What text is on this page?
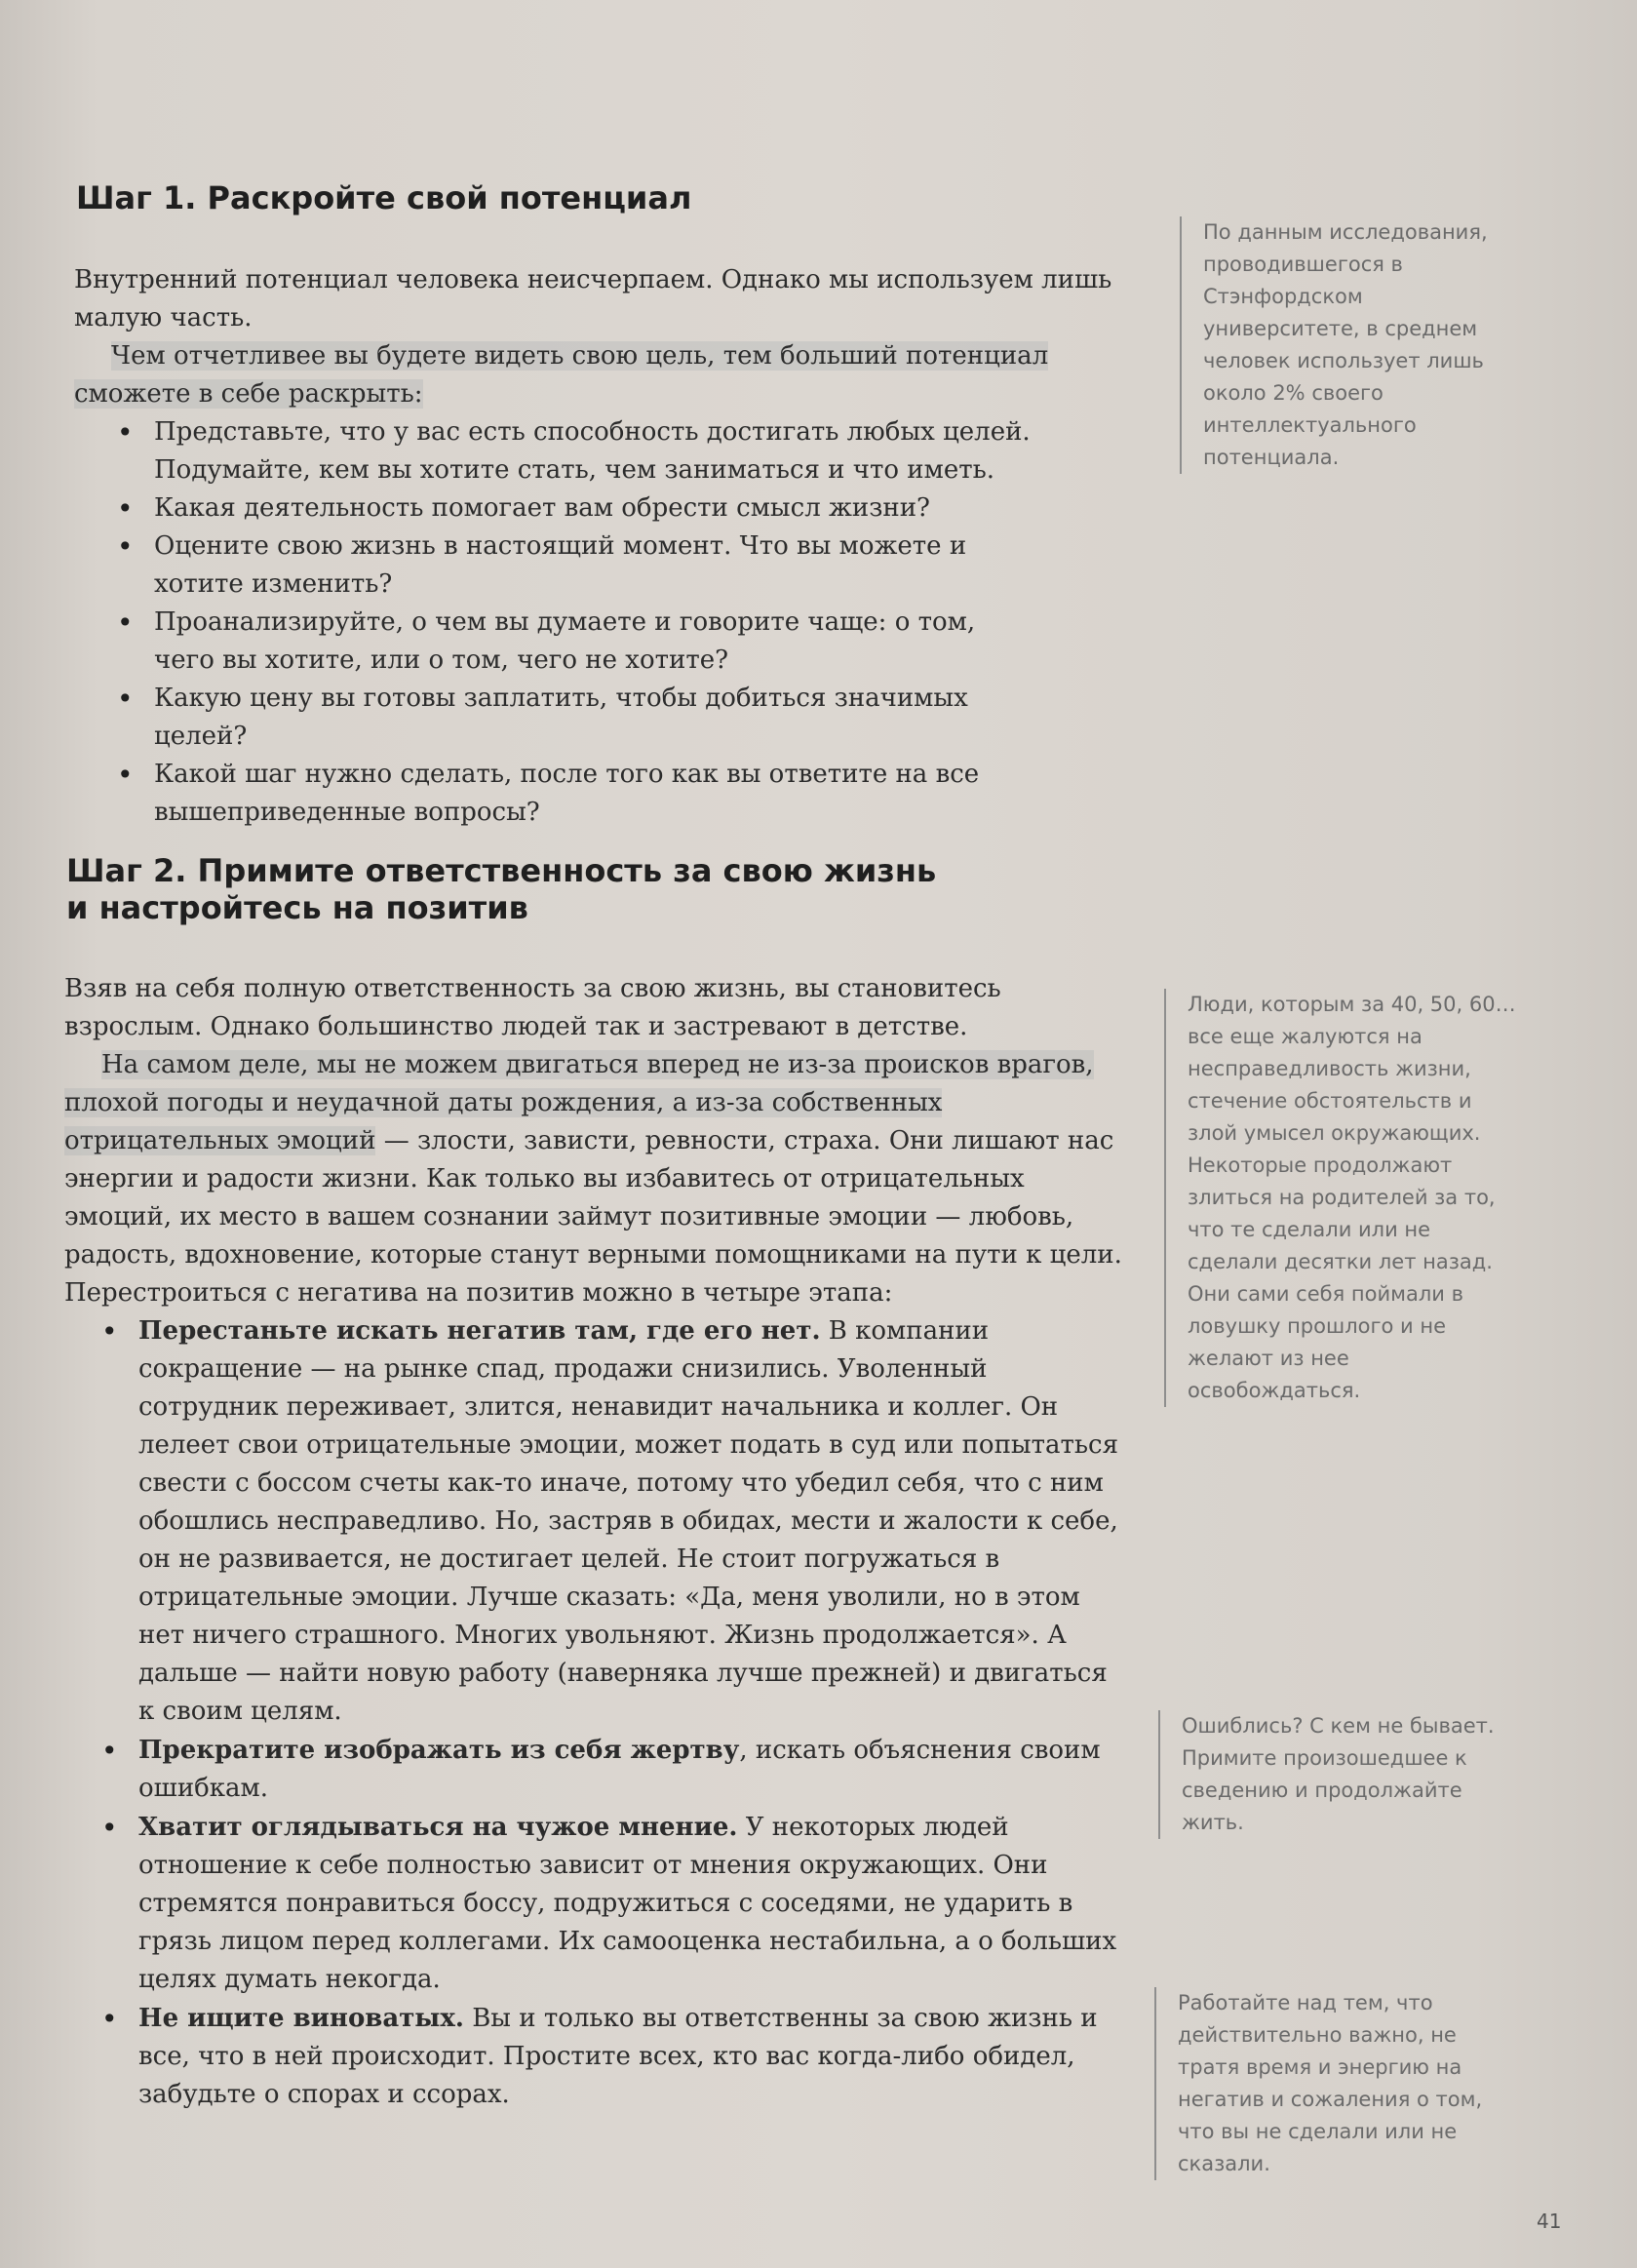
Шаг 1. Раскройте свой потенциал

Внутренний потенциал человека неисчерпаем. Однако мы используем лишь малую часть.

Чем отчетливее вы будете видеть свою цель, тем больший потенциал сможете в себе раскрыть:

• Представьте, что у вас есть способность достигать любых целей. Подумайте, кем вы хотите стать, чем заниматься и что иметь.
• Какая деятельность помогает вам обрести смысл жизни?
• Оцените свою жизнь в настоящий момент. Что вы можете и хотите изменить?
• Проанализируйте, о чем вы думаете и говорите чаще: о том, чего вы хотите, или о том, чего не хотите?
• Какую цену вы готовы заплатить, чтобы добиться значимых целей?
• Какой шаг нужно сделать, после того как вы ответите на все вышеприведенные вопросы?
По данным исследования, проводившегося в Стэнфордском университете, в среднем человек использует лишь около 2% своего интеллектуального потенциала.
Шаг 2. Примите ответственность за свою жизнь
и настройтесь на позитив

Взяв на себя полную ответственность за свою жизнь, вы становитесь взрослым. Однако большинство людей так и застревают в детстве.

На самом деле, мы не можем двигаться вперед не из-за происков врагов, плохой погоды и неудачной даты рождения, а из-за собственных отрицательных эмоций — злости, зависти, ревности, страха. Они лишают нас энергии и радости жизни. Как только вы избавитесь от отрицательных эмоций, их место в вашем сознании займут позитивные эмоции — любовь, радость, вдохновение, которые станут верными помощниками на пути к цели. Перестроиться с негатива на позитив можно в четыре этапа:

• Перестаньте искать негатив там, где его нет. В компании сокращение — на рынке спад, продажи снизились. Уволенный сотрудник переживает, злится, ненавидит начальника и коллег. Он лелеет свои отрицательные эмоции, может подать в суд или попытаться свести с боссом счеты как-то иначе, потому что убедил себя, что с ним обошлись несправедливо. Но, застряв в обидах, мести и жалости к себе, он не развивается, не достигает целей. Не стоит погружаться в отрицательные эмоции. Лучше сказать: «Да, меня уволили, но в этом нет ничего страшного. Многих увольняют. Жизнь продолжается». А дальше — найти новую работу (наверняка лучше прежней) и двигаться к своим целям.
• Прекратите изображать из себя жертву, искать объяснения своим ошибкам.
• Хватит оглядываться на чужое мнение. У некоторых людей отношение к себе полностью зависит от мнения окружающих. Они стремятся понравиться боссу, подружиться с соседями, не ударить в грязь лицом перед коллегами. Их самооценка нестабильна, а о больших целях думать некогда.
• Не ищите виноватых. Вы и только вы ответственны за свою жизнь и все, что в ней происходит. Простите всех, кто вас когда-либо обидел, забудьте о спорах и ссорах.
Люди, которым за 40, 50, 60… все еще жалуются на несправедливость жизни, стечение обстоятельств и злой умысел окружающих. Некоторые продолжают злиться на родителей за то, что те сделали или не сделали десятки лет назад. Они сами себя поймали в ловушку прошлого и не желают из нее освобождаться.
Ошиблись? С кем не бывает. Примите произошедшее к сведению и продолжайте жить.
Работайте над тем, что действительно важно, не тратя время и энергию на негатив и сожаления о том, что вы не сделали или не сказали.
41
